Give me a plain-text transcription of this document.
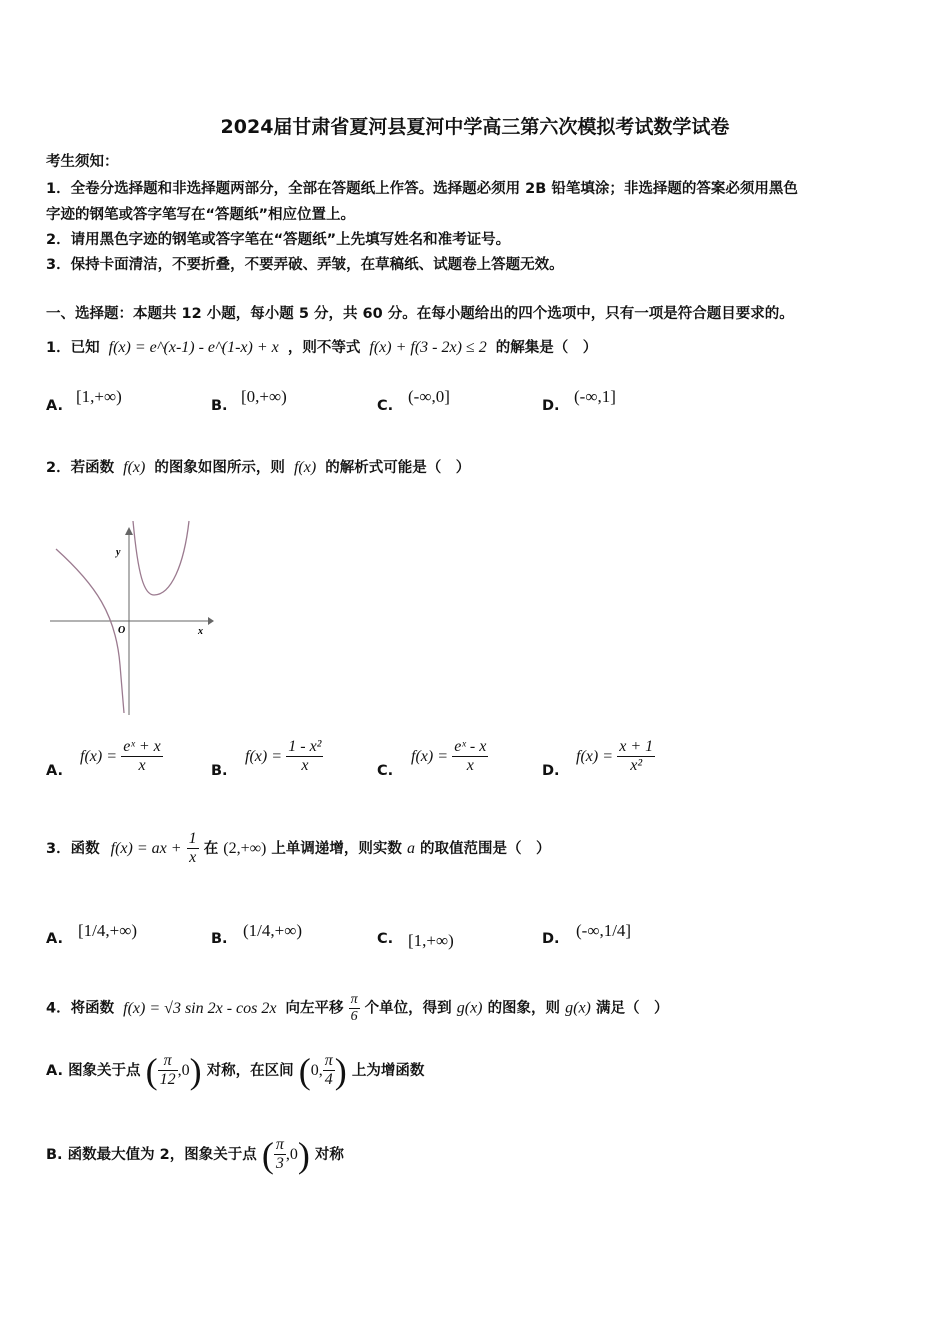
2024届甘肃省夏河县夏河中学高三第六次模拟考试数学试卷
考生须知：
1．全卷分选择题和非选择题两部分，全部在答题纸上作答。选择题必须用 2B 铅笔填涂；非选择题的答案必须用黑色
字迹的钢笔或答字笔写在“答题纸”相应位置上。
2．请用黑色字迹的钢笔或答字笔在“答题纸”上先填写姓名和准考证号。
3．保持卡面清洁，不要折叠，不要弄破、弄皱，在草稿纸、试题卷上答题无效。
一、选择题：本题共 12 小题，每小题 5 分，共 60 分。在每小题给出的四个选项中，只有一项是符合题目要求的。
1．已知 f(x) = e^(x-1) - e^(1-x) + x ，则不等式 f(x) + f(3 - 2x) ≤ 2 的解集是（　）
A. [1,+∞)	B. [0,+∞)	C. (-∞,0]	D. (-∞,1]
2．若函数 f(x) 的图象如图所示，则 f(x) 的解析式可能是（　）
y
x
O
A.
$f(x) = \frac{\text{eˣ + x}}{x}$	B.
$f(x) = \frac{\text{1 - x²}}{x}$	C.
$f(x) = \frac{\text{eˣ - x}}{x}$	D.
$f(x) = \frac{x + 1}{\text{x²}}$
3．函数 f(x) = ax + $\frac{1}{x}$ 在 (2,+∞) 上单调递增，则实数 a 的取值范围是（　）
A. [1/4,+∞)	B. (1/4,+∞)	C. [1,+∞)	D. (-∞,1/4]
4．将函数 f(x) = √3 sin 2x - cos 2x 向左平移 $\frac{\pi}{6}$ 个单位，得到 g(x) 的图象，则 g(x) 满足（　）
A. 图象关于点 ( $\frac{\pi}{12} ,0$) 对称，在区间 (0, $\frac{\pi}{4}$ ) 上为增函数
B. 函数最大值为 2，图象关于点 ( $\frac{\pi}{3} ,0$) 对称
